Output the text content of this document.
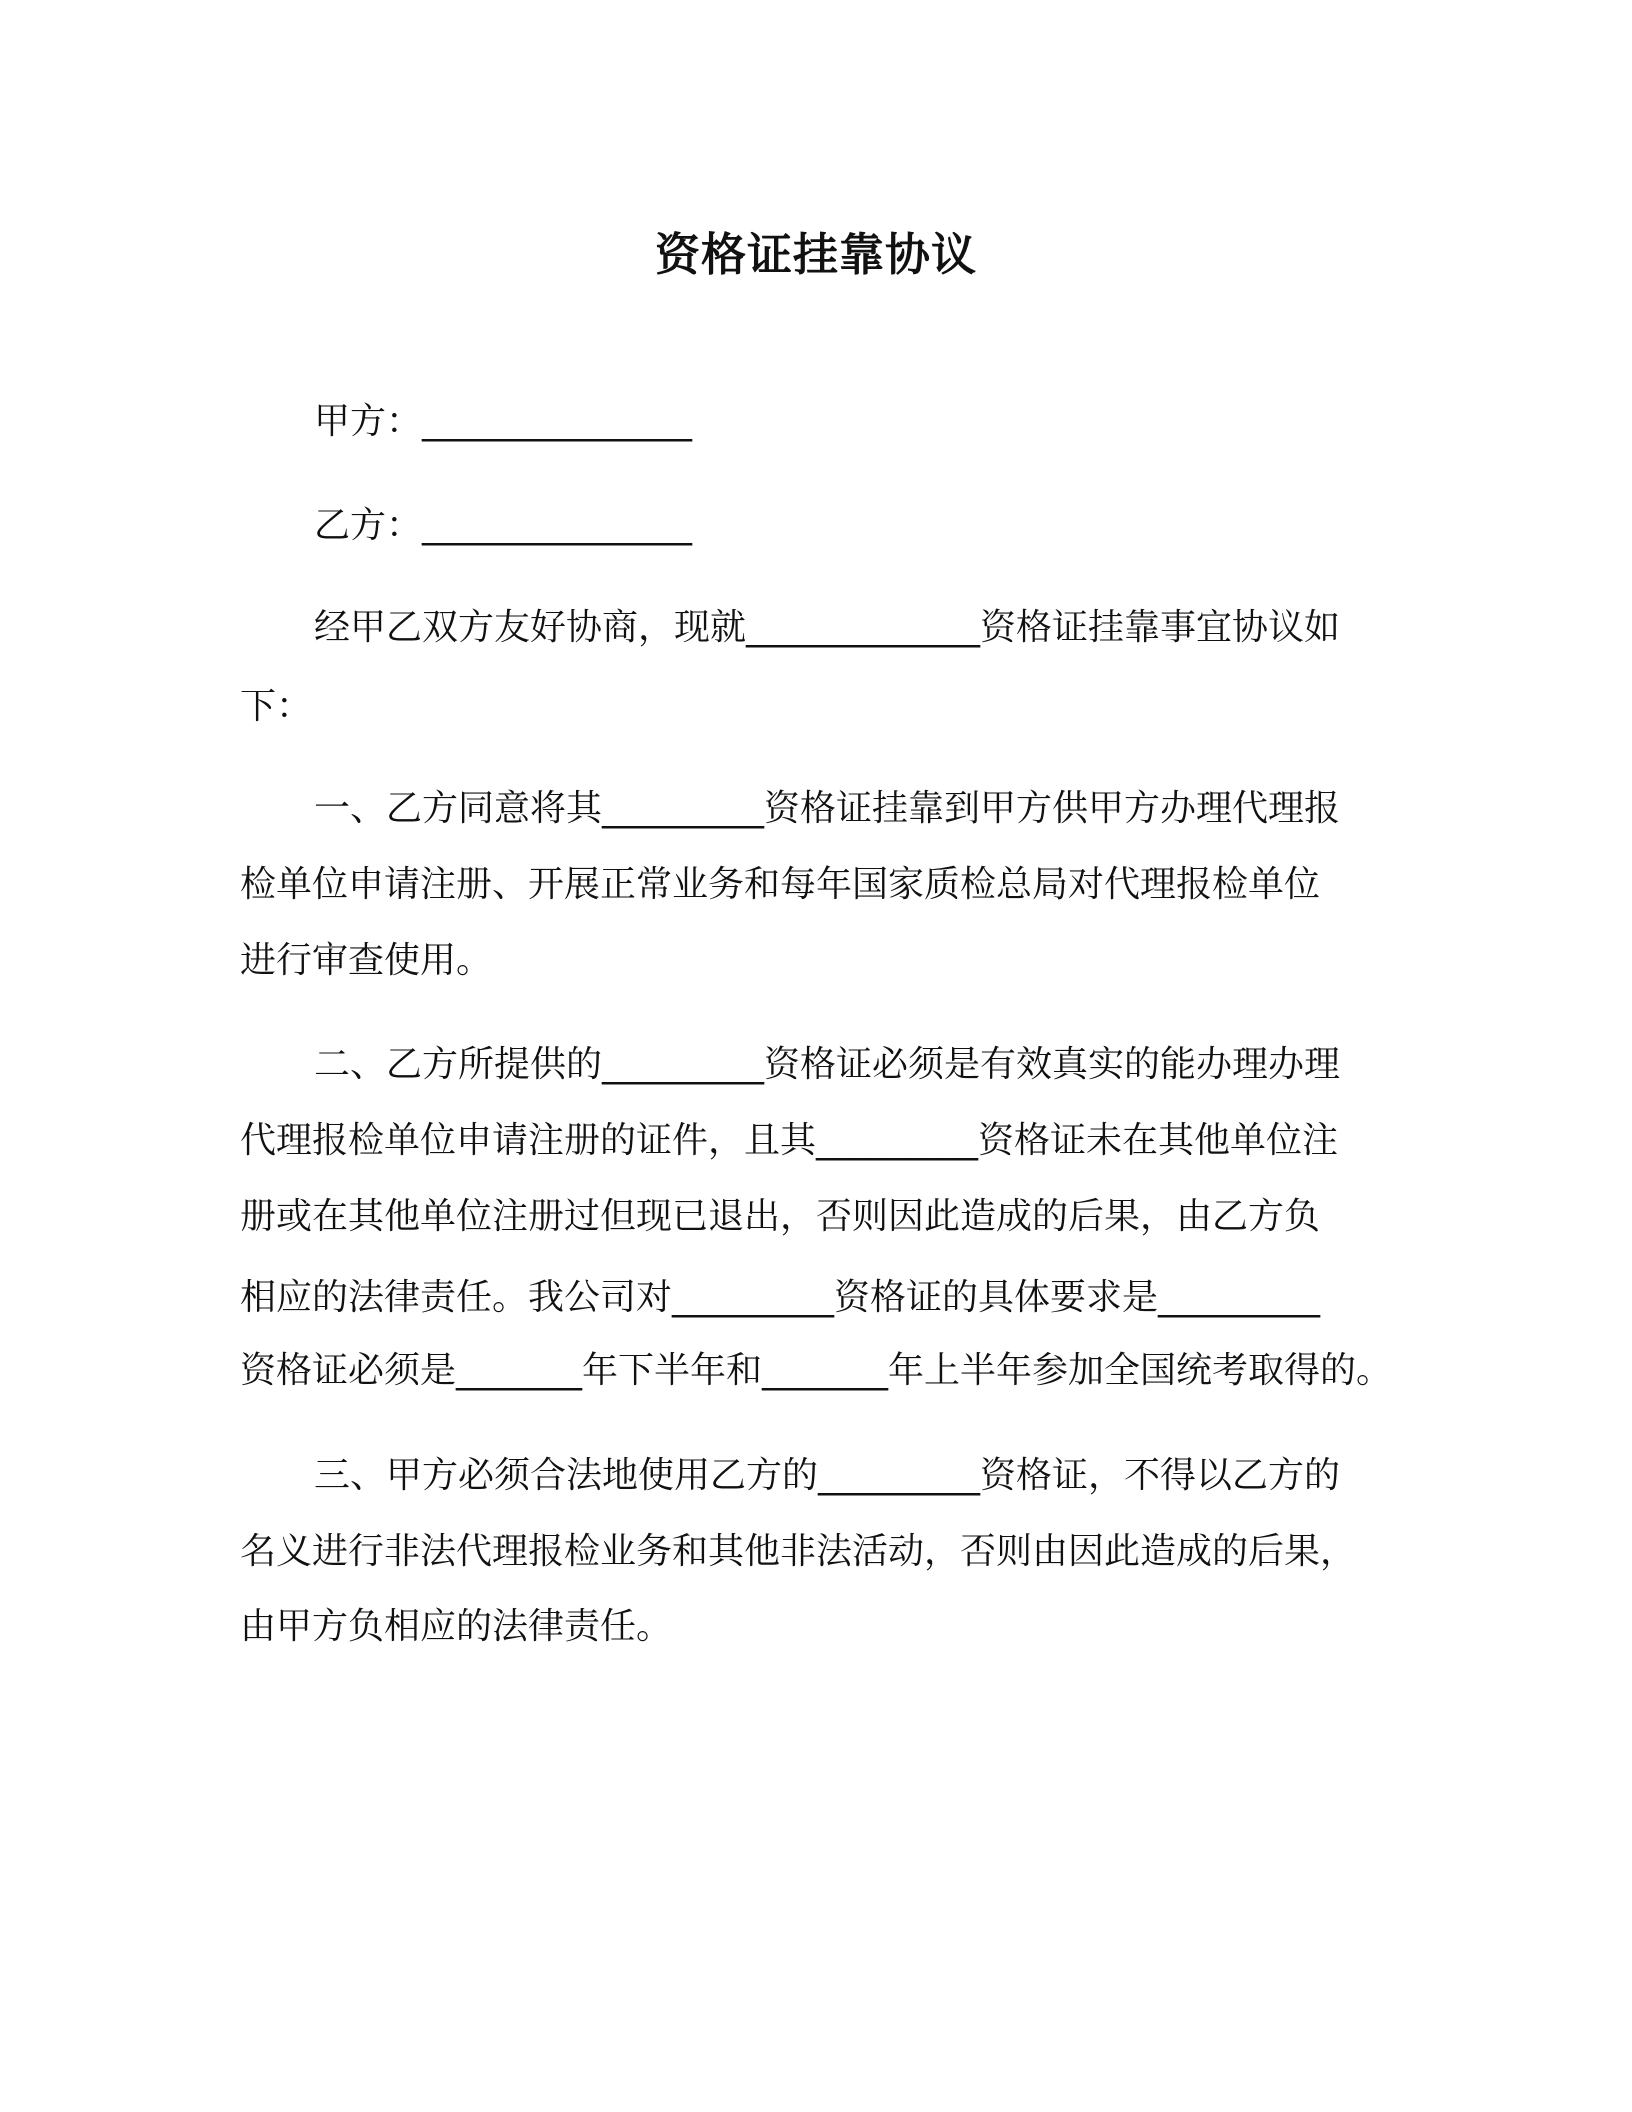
资格证挂靠协议
甲方：_______________
乙方：_______________
经甲乙双方友好协商，现就_____________资格证挂靠事宜协议如
下：
一、乙方同意将其_________资格证挂靠到甲方供甲方办理代理报
检单位申请注册、开展正常业务和每年国家质检总局对代理报检单位
进行审查使用。
二、乙方所提供的_________资格证必须是有效真实的能办理办理
代理报检单位申请注册的证件，且其_________资格证未在其他单位注
册或在其他单位注册过但现已退出，否则因此造成的后果，由乙方负
相应的法律责任。我公司对_________资格证的具体要求是_________
资格证必须是_______年下半年和_______年上半年参加全国统考取得的。
三、甲方必须合法地使用乙方的_________资格证，不得以乙方的
名义进行非法代理报检业务和其他非法活动，否则由因此造成的后果，
由甲方负相应的法律责任。
